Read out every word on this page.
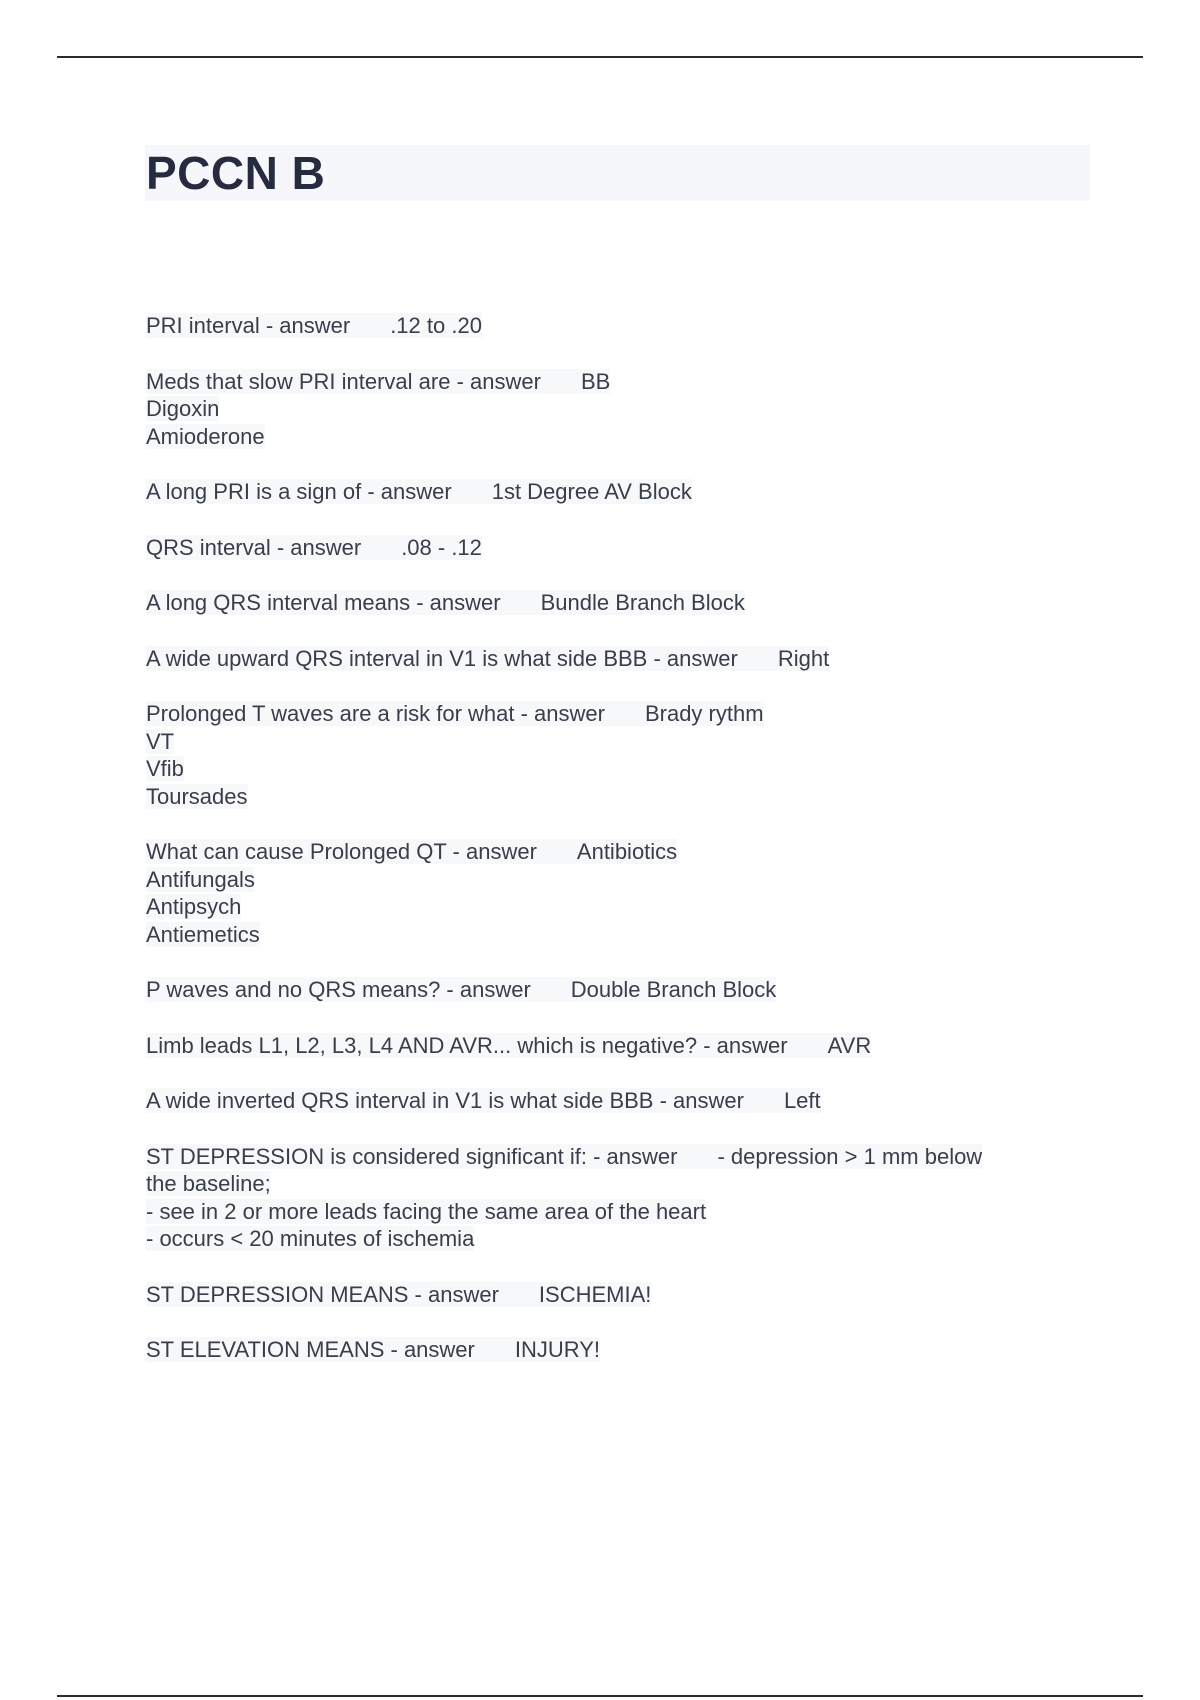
PCCN B
PRI interval - answer .12 to .20
Meds that slow PRI interval are - answer BB
Digoxin
Amioderone
A long PRI is a sign of - answer 1st Degree AV Block
QRS interval - answer .08 - .12
A long QRS interval means - answer Bundle Branch Block
A wide upward QRS interval in V1 is what side BBB - answer Right
Prolonged T waves are a risk for what - answer Brady rythm
VT
Vfib
Toursades
What can cause Prolonged QT - answer Antibiotics
Antifungals
Antipsych
Antiemetics
P waves and no QRS means? - answer Double Branch Block
Limb leads L1, L2, L3, L4 AND AVR... which is negative? - answer AVR
A wide inverted QRS interval in V1 is what side BBB - answer Left
ST DEPRESSION is considered significant if: - answer - depression > 1 mm below
the baseline;
- see in 2 or more leads facing the same area of the heart
- occurs < 20 minutes of ischemia
ST DEPRESSION MEANS - answer ISCHEMIA!
ST ELEVATION MEANS - answer INJURY!
